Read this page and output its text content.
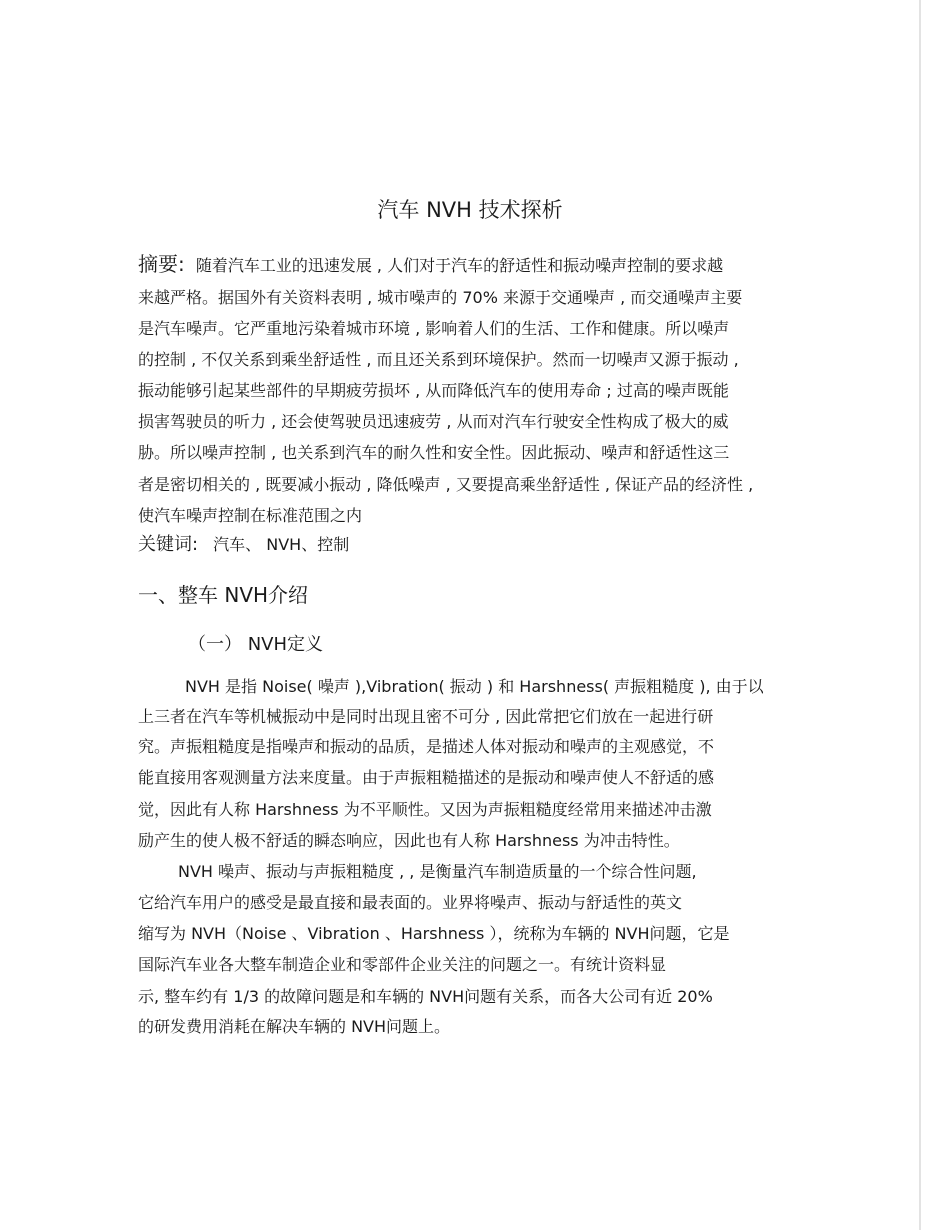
汽车 NVH 技术探析
摘要: 随着汽车工业的迅速发展 , 人们对于汽车的舒适性和振动噪声控制的要求越
来越严格。据国外有关资料表明 , 城市噪声的 70% 来源于交通噪声 , 而交通噪声主要
是汽车噪声。它严重地污染着城市环境 , 影响着人们的生活、工作和健康。所以噪声
的控制 , 不仅关系到乘坐舒适性 , 而且还关系到环境保护。然而一切噪声又源于振动 ,
振动能够引起某些部件的早期疲劳损坏 , 从而降低汽车的使用寿命 ; 过高的噪声既能
损害驾驶员的听力 , 还会使驾驶员迅速疲劳 , 从而对汽车行驶安全性构成了极大的威
胁。所以噪声控制 , 也关系到汽车的耐久性和安全性。因此振动、噪声和舒适性这三
者是密切相关的 , 既要减小振动 , 降低噪声 , 又要提高乘坐舒适性 , 保证产品的经济性 ,
使汽车噪声控制在标准范围之内
关键词: 汽车、 NVH、控制
一、整车 NVH介绍
（一） NVH定义
NVH 是指 Noise( 噪声 ),Vibration( 振动 ) 和 Harshness( 声振粗糙度 ), 由于以
上三者在汽车等机械振动中是同时出现且密不可分 , 因此常把它们放在一起进行研
究。声振粗糙度是指噪声和振动的品质，是描述人体对振动和噪声的主观感觉，不
能直接用客观测量方法来度量。由于声振粗糙描述的是振动和噪声使人不舒适的感
觉，因此有人称 Harshness 为不平顺性。又因为声振粗糙度经常用来描述冲击激
励产生的使人极不舒适的瞬态响应，因此也有人称 Harshness 为冲击特性。
NVH 噪声、振动与声振粗糙度 , , 是衡量汽车制造质量的一个综合性问题,
它给汽车用户的感受是最直接和最表面的。业界将噪声、振动与舒适性的英文
缩写为 NVH（Noise 、Vibration 、Harshness ），统称为车辆的 NVH问题，它是
国际汽车业各大整车制造企业和零部件企业关注的问题之一。有统计资料显
示, 整车约有 1/3 的故障问题是和车辆的 NVH问题有关系，而各大公司有近 20%
的研发费用消耗在解决车辆的 NVH问题上。
